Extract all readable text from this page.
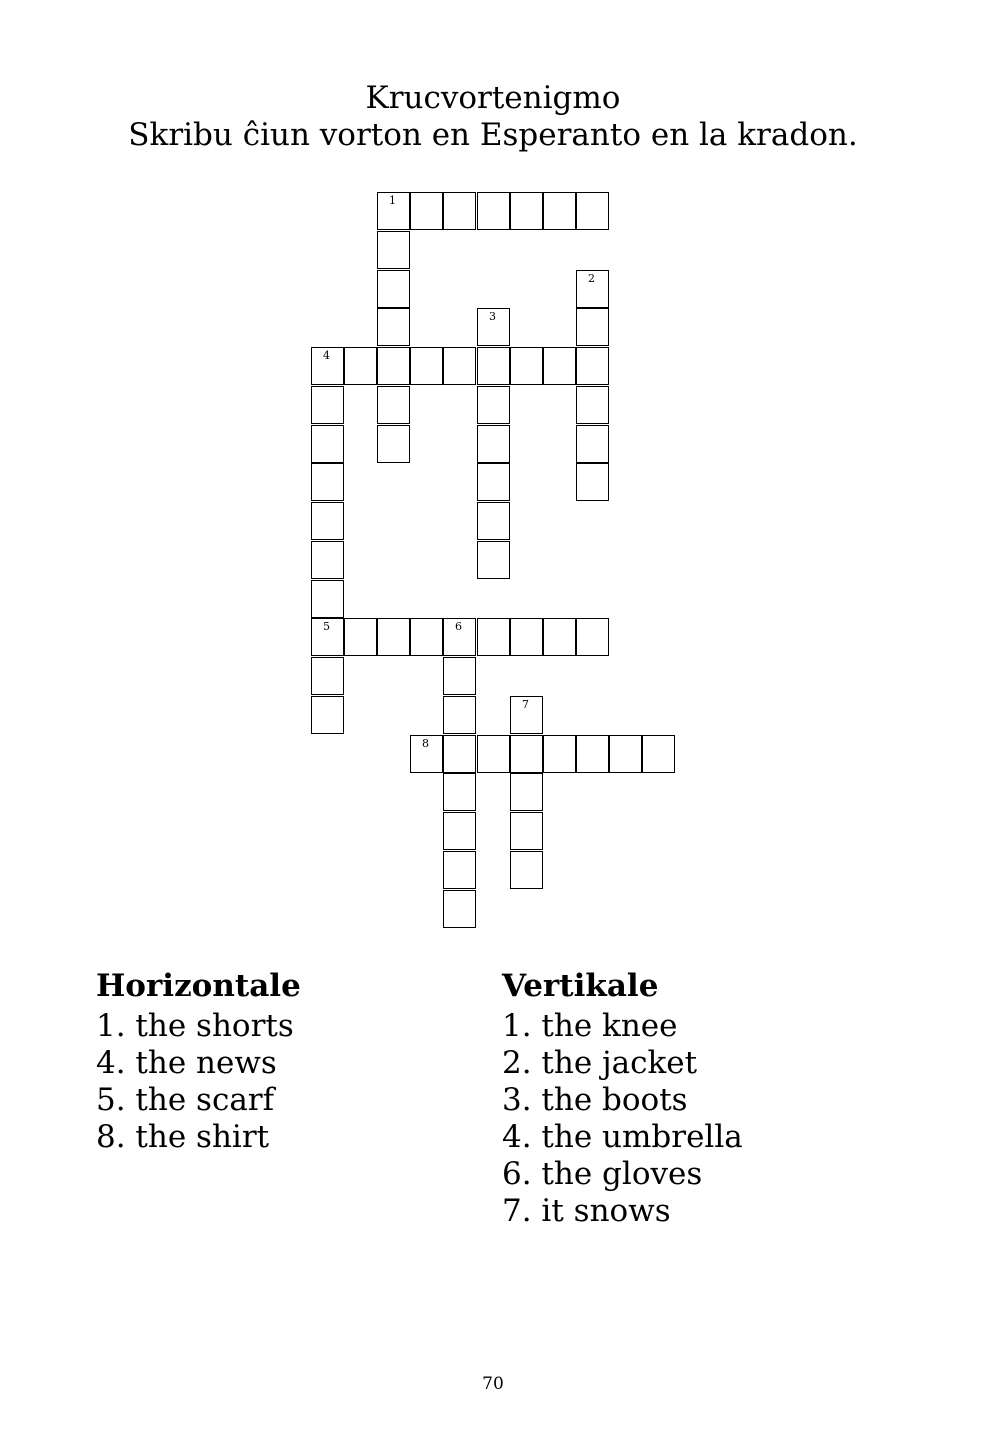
Krucvortenigmo
Skribu ĉiun vorton en Esperanto en la kradon.
1
2
3
4
5	6
7
8
Horizontale
1. the shorts
4. the news
5. the scarf
8. the shirt
Vertikale
1. the knee
2. the jacket
3. the boots
4. the umbrella
6. the gloves
7. it snows
70
